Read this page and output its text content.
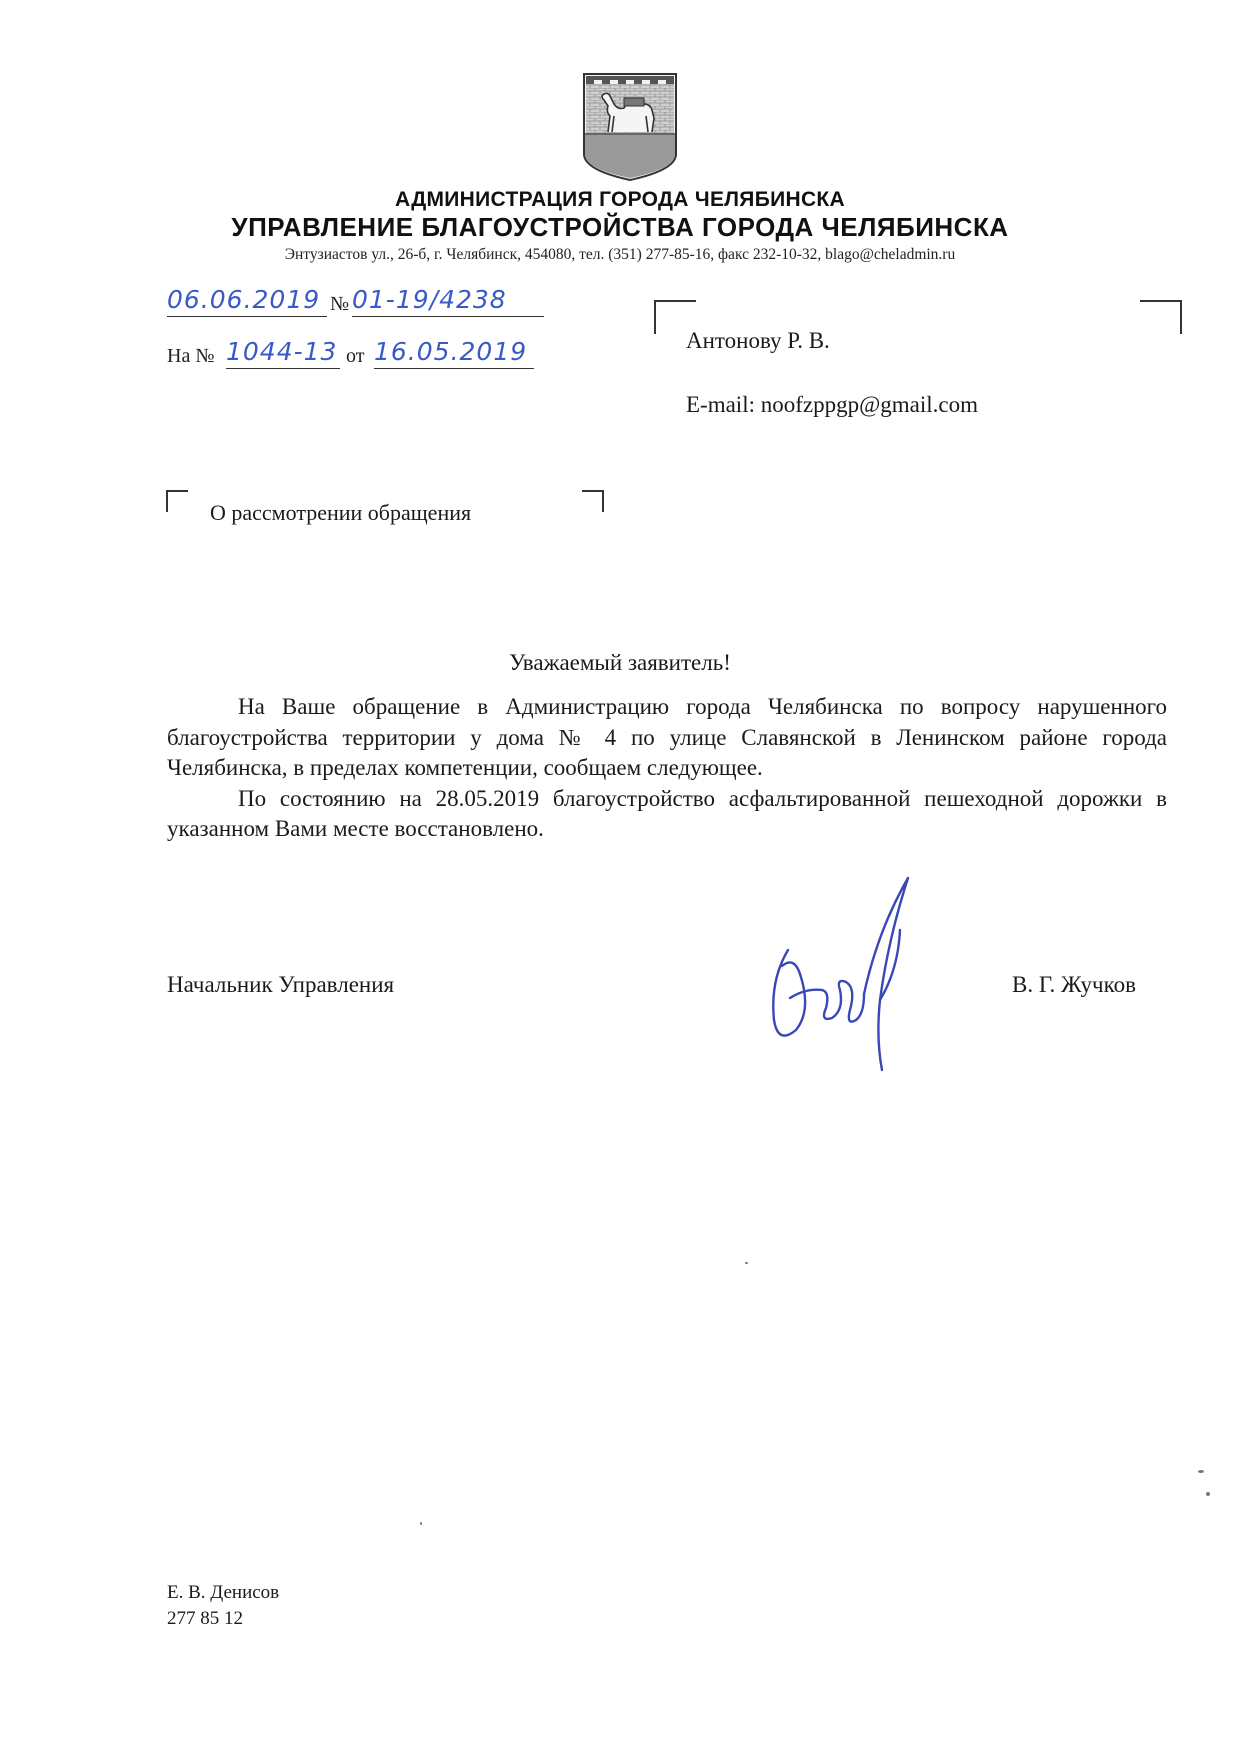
АДМИНИСТРАЦИЯ ГОРОДА ЧЕЛЯБИНСКА
УПРАВЛЕНИЕ БЛАГОУСТРОЙСТВА ГОРОДА ЧЕЛЯБИНСКА
Энтузиастов ул., 26-б, г. Челябинск, 454080, тел. (351) 277-85-16, факс 232-10-32, blago@cheladmin.ru
06.06.2019 № 01-19/4238
На № 1044-13 от 16.05.2019	Антонову Р. В.
E-mail: noofzppgp@gmail.com
О рассмотрении обращения
Уважаемый заявитель!

На Ваше обращение в Администрацию города Челябинска по вопросу нарушенного благоустройства территории у дома № 4 по улице Славянской в Ленинском районе города Челябинска, в пределах компетенции, сообщаем следующее.

По состоянию на 28.05.2019 благоустройство асфальтированной пешеходной дорожки в указанном Вами месте восстановлено.

Начальник Управления	В. Г. Жучков
Е. В. Денисов
277 85 12
